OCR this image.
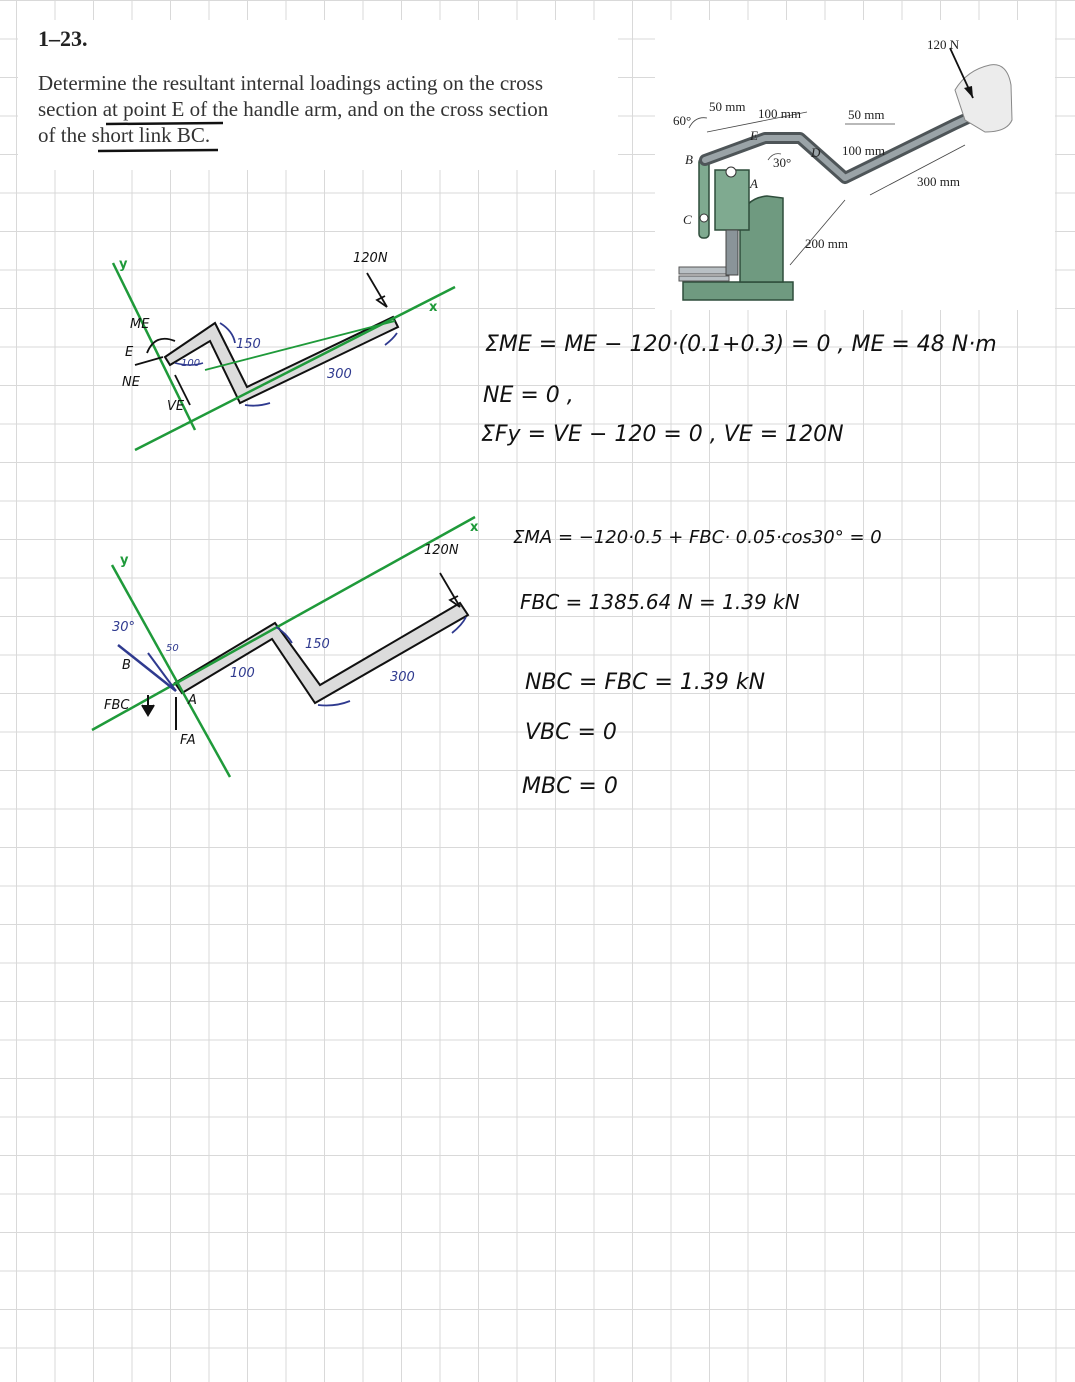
1–23.
Determine the resultant internal loadings acting on the cross
section at point E of the handle arm, and on the cross section
of the short link BC.
120 N
50 mm 100 mm	50 mm
100 mm
300 mm
200 mm
60°
30°
B
C
E
A
D
120N
x
y
ME
E
NE
VE
100
150
300
120N
x
y
30°
B
A
FBC
FA
50
100
150
300
ΣME = ME − 120·(0.1+0.3) = 0 , ME = 48 N·m
NE = 0 ,
ΣFy = VE − 120 = 0 , VE = 120N
ΣMA = −120·0.5 + FBC· 0.05·cos30° = 0
FBC = 1385.64 N = 1.39 kN
NBC = FBC = 1.39 kN
VBC = 0
MBC = 0
